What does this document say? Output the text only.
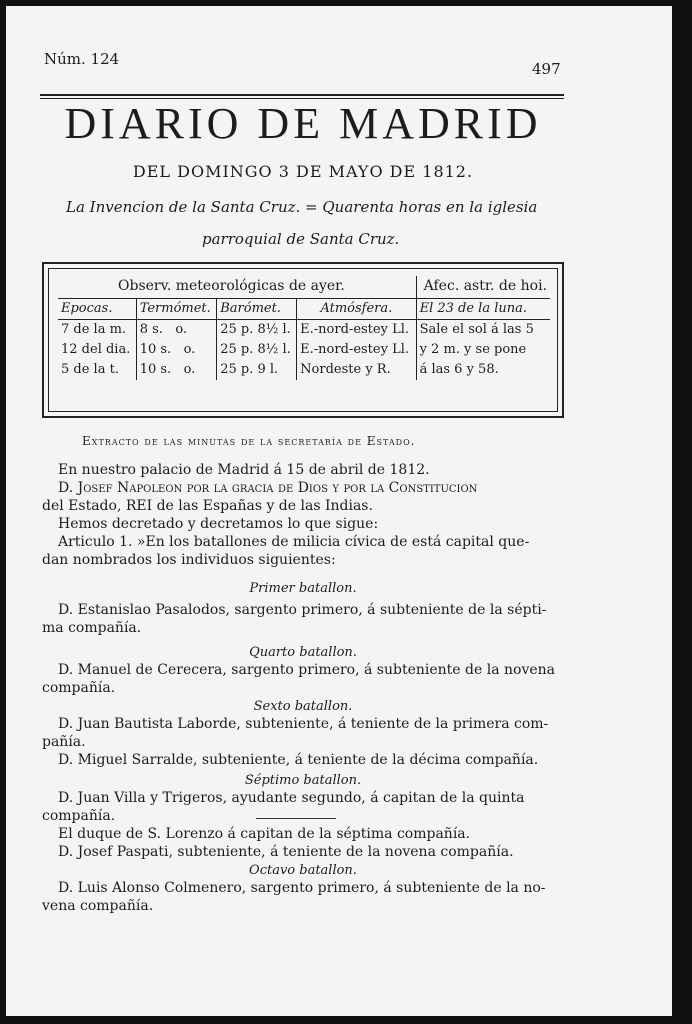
Núm. 124
497
DIARIO DE MADRID
DEL DOMINGO 3 DE MAYO DE 1812.
La Invencion de la Santa Cruz. = Quarenta horas en la iglesia
parroquial de Santa Cruz.
Observ. meteorológicas de ayer.				Afec. astr. de hoi.
Epocas.	Termómet.	Barómet.	Atmósfera.	El 23 de la luna.
7 de la m.	8 s. o.	25 p. 8½ l.	E.-nord-estey Ll.	Sale el sol á las 5
12 del dia.	10 s. o.	25 p. 8½ l.	E.-nord-estey Ll.	y 2 m. y se pone
5 de la t.	10 s. o.	25 p. 9 l.	Nordeste y R.	á las 6 y 58.
Extracto de las minutas de la secretaría de Estado.
En nuestro palacio de Madrid á 15 de abril de 1812.
D. Josef Napoleon por la gracia de Dios y por la Constitucion
del Estado, REI de las Españas y de las Indias.
Hemos decretado y decretamos lo que sigue:
Articulo 1. »En los batallones de milicia cívica de está capital que-
dan nombrados los individuos siguientes:
Primer batallon.
D. Estanislao Pasalodos, sargento primero, á subteniente de la sépti-
ma compañía.
Quarto batallon.
D. Manuel de Cerecera, sargento primero, á subteniente de la novena
compañía.
Sexto batallon.
D. Juan Bautista Laborde, subteniente, á teniente de la primera com-
pañía.
D. Miguel Sarralde, subteniente, á teniente de la décima compañía.
Séptimo batallon.
D. Juan Villa y Trigeros, ayudante segundo, á capitan de la quinta
compañía.
El duque de S. Lorenzo á capitan de la séptima compañía.
D. Josef Paspati, subteniente, á teniente de la novena compañía.
Octavo batallon.
D. Luis Alonso Colmenero, sargento primero, á subteniente de la no-
vena compañía.
